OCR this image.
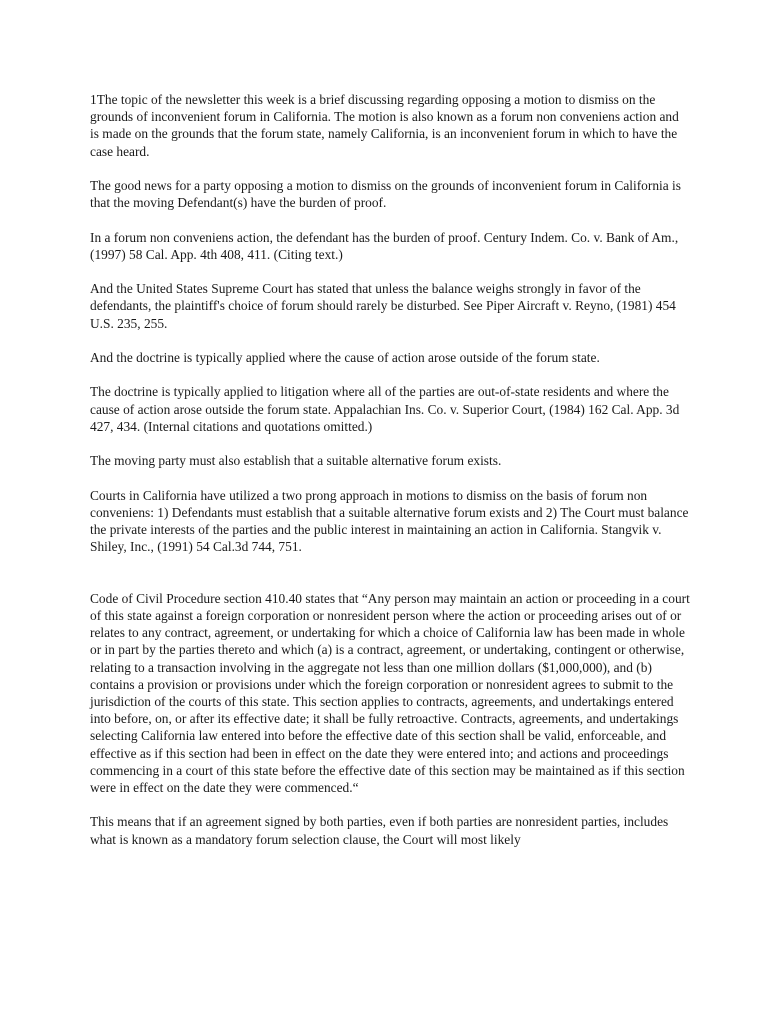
1The topic of the newsletter this week is a brief discussing regarding opposing a motion to dismiss on the grounds of inconvenient forum in California. The motion is also known as a forum non conveniens action and is made on the grounds that the forum state, namely California, is an inconvenient forum in which to have the case heard.

The good news for a party opposing a motion to dismiss on the grounds of inconvenient forum in California is that the moving Defendant(s) have the burden of proof.

In a forum non conveniens action, the defendant has the burden of proof. Century Indem. Co. v. Bank of Am., (1997) 58 Cal. App. 4th 408, 411. (Citing text.)

And the United States Supreme Court has stated that unless the balance weighs strongly in favor of the defendants, the plaintiff's choice of forum should rarely be disturbed. See Piper Aircraft v. Reyno, (1981) 454 U.S. 235, 255.

And the doctrine is typically applied where the cause of action arose outside of the forum state.

The doctrine is typically applied to litigation where all of the parties are out-of-state residents and where the cause of action arose outside the forum state. Appalachian Ins. Co. v. Superior Court, (1984) 162 Cal. App. 3d 427, 434. (Internal citations and quotations omitted.)

The moving party must also establish that a suitable alternative forum exists.

Courts in California have utilized a two prong approach in motions to dismiss on the basis of forum non conveniens: 1) Defendants must establish that a suitable alternative forum exists and 2) The Court must balance the private interests of the parties and the public interest in maintaining an action in California. Stangvik v. Shiley, Inc., (1991) 54 Cal.3d 744, 751.

Code of Civil Procedure section 410.40 states that “Any person may maintain an action or proceeding in a court of this state against a foreign corporation or nonresident person where the action or proceeding arises out of or relates to any contract, agreement, or undertaking for which a choice of California law has been made in whole or in part by the parties thereto and which (a) is a contract, agreement, or undertaking, contingent or otherwise, relating to a transaction involving in the aggregate not less than one million dollars ($1,000,000), and (b) contains a provision or provisions under which the foreign corporation or nonresident agrees to submit to the jurisdiction of the courts of this state. This section applies to contracts, agreements, and undertakings entered into before, on, or after its effective date; it shall be fully retroactive. Contracts, agreements, and undertakings selecting California law entered into before the effective date of this section shall be valid, enforceable, and effective as if this section had been in effect on the date they were entered into; and actions and proceedings commencing in a court of this state before the effective date of this section may be maintained as if this section were in effect on the date they were commenced.“

This means that if an agreement signed by both parties, even if both parties are nonresident parties, includes what is known as a mandatory forum selection clause, the Court will most likely
